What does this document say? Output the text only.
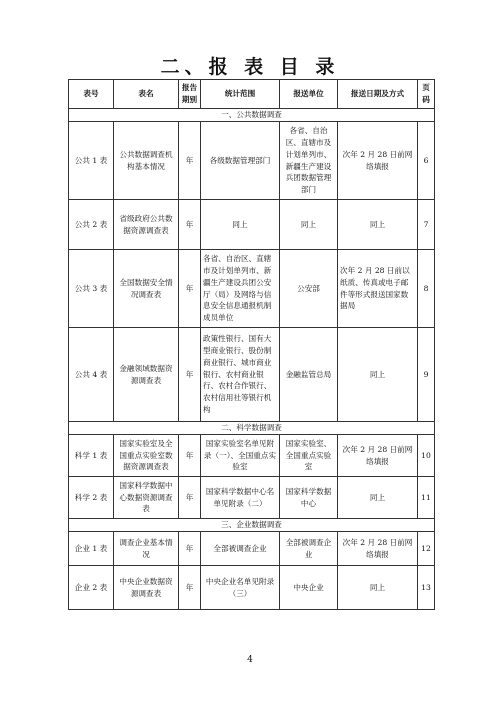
二、报 表 目 录
表号	表名	报告期别	统计范围	报送单位	报送日期及方式	页码
一、公共数据调查						
公共 1 表	公共数据调查机构基本情况	年	各级数据管理部门	各省、自治区、直辖市及计划单列市、新疆生产建设兵团数据管理部门	次年 2 月 28 日前网络填报	6
公共 2 表	省级政府公共数据资源调查表	年	同上	同上	同上	7
公共 3 表	全国数据安全情况调查表	年	各省、自治区、直辖市及计划单列市、新疆生产建设兵团公安厅（局）及网络与信息安全信息通报机制成员单位	公安部	次年 2 月 28 日前以纸质、传真或电子邮件等形式报送国家数据局	8
公共 4 表	金融领域数据资源调查表	年	政策性银行、国有大型商业银行、股份制商业银行、城市商业银行、农村商业银行、农村合作银行、农村信用社等银行机构	金融监管总局	同上	9
二、科学数据调查						
科学 1 表	国家实验室及全国重点实验室数据资源调查表	年	国家实验室名单见附录（一）、全国重点实验室	国家实验室、全国重点实验室	次年 2 月 28 日前网络填报	10
科学 2 表	国家科学数据中心数据资源调查表	年	国家科学数据中心名单见附录（二）	国家科学数据中心	同上	11
三、企业数据调查						
企业 1 表	调查企业基本情况	年	全部被调查企业	全部被调查企业	次年 2 月 28 日前网络填报	12
企业 2 表	中央企业数据资源调查表	年	中央企业名单见附录（三）	中央企业	同上	13
4
